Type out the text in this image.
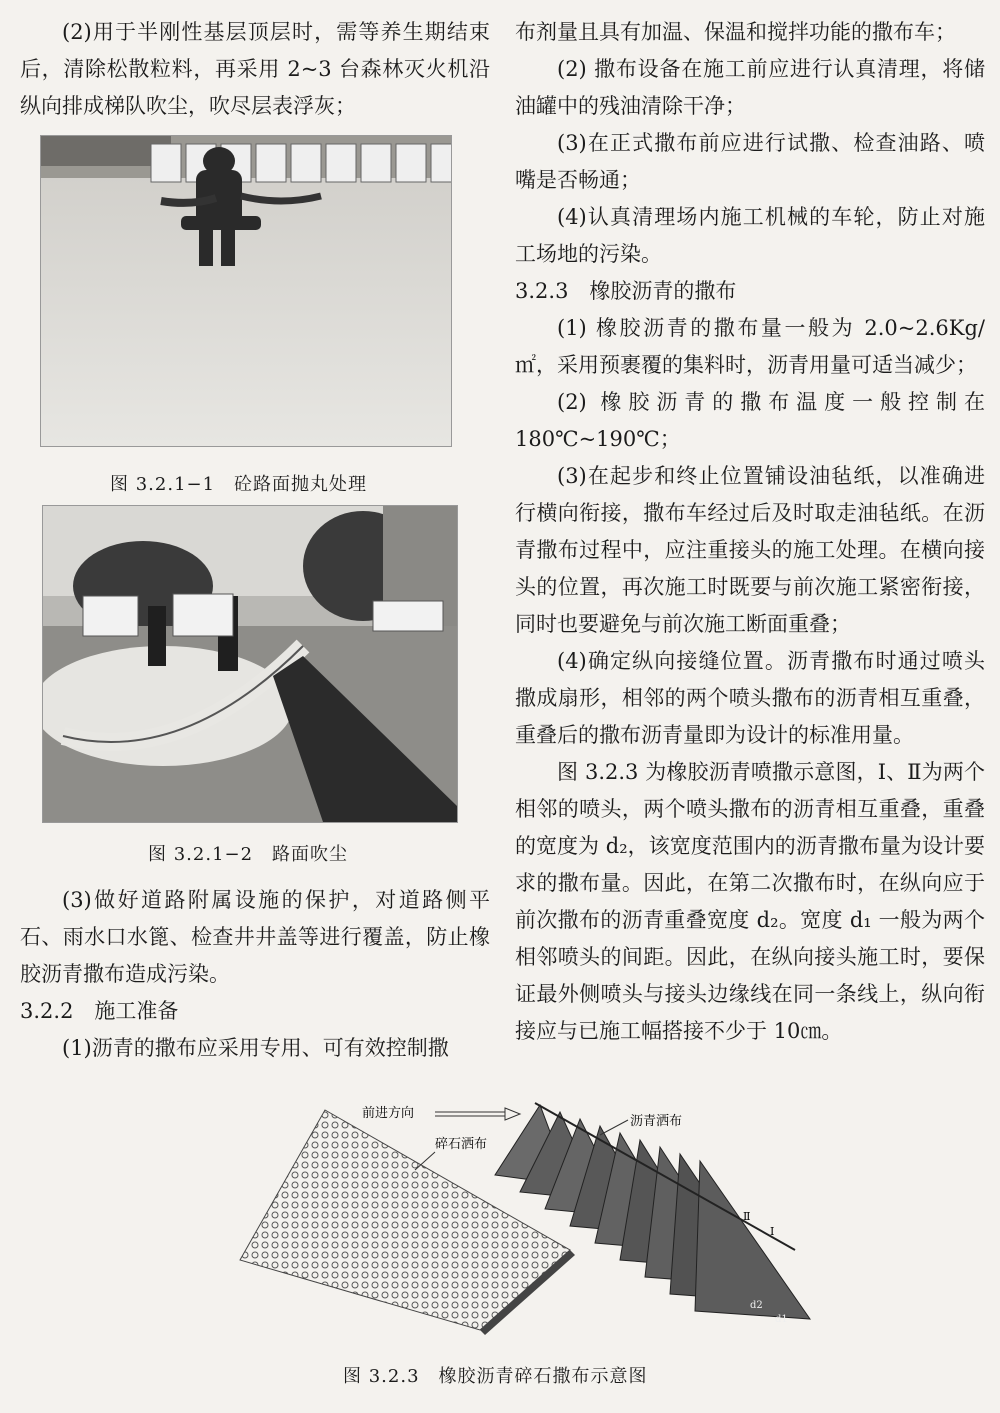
(2)用于半刚性基层顶层时，需等养生期结束后，清除松散粒料，再采用 2~3 台森林灭火机沿纵向排成梯队吹尘，吹尽层表浮灰；

图 3.2.1−1　砼路面抛丸处理
图 3.2.1−2　路面吹尘

(3)做好道路附属设施的保护，对道路侧平石、雨水口水篦、检查井井盖等进行覆盖，防止橡胶沥青撒布造成污染。

3.2.2　施工准备

(1)沥青的撒布应采用专用、可有效控制撒

布剂量且具有加温、保温和搅拌功能的撒布车；

(2) 撒布设备在施工前应进行认真清理，将储油罐中的残油清除干净；

(3)在正式撒布前应进行试撒、检查油路、喷嘴是否畅通；

(4)认真清理场内施工机械的车轮，防止对施工场地的污染。

3.2.3　橡胶沥青的撒布

(1) 橡胶沥青的撒布量一般为 2.0~2.6Kg/㎡，采用预裹覆的集料时，沥青用量可适当减少；

(2) 橡胶沥青的撒布温度一般控制在 180℃~190℃；

(3)在起步和终止位置铺设油毡纸，以准确进行横向衔接，撒布车经过后及时取走油毡纸。在沥青撒布过程中，应注重接头的施工处理。在横向接头的位置，再次施工时既要与前次施工紧密衔接，同时也要避免与前次施工断面重叠；

(4)确定纵向接缝位置。沥青撒布时通过喷头撒成扇形，相邻的两个喷头撒布的沥青相互重叠，重叠后的撒布沥青量即为设计的标准用量。

图 3.2.3 为橡胶沥青喷撒示意图，Ⅰ、Ⅱ为两个相邻的喷头，两个喷头撒布的沥青相互重叠，重叠的宽度为 d₂，该宽度范围内的沥青撒布量为设计要求的撒布量。因此，在第二次撒布时，在纵向应于前次撒布的沥青重叠宽度 d₂。宽度 d₁ 一般为两个相邻喷头的间距。因此，在纵向接头施工时，要保证最外侧喷头与接头边缘线在同一条线上，纵向衔接应与已施工幅搭接不少于 10㎝。

前进方向
碎石洒布
沥青洒布
Ⅱ
Ⅰ
d2
d1
图 3.2.3　橡胶沥青碎石撒布示意图
